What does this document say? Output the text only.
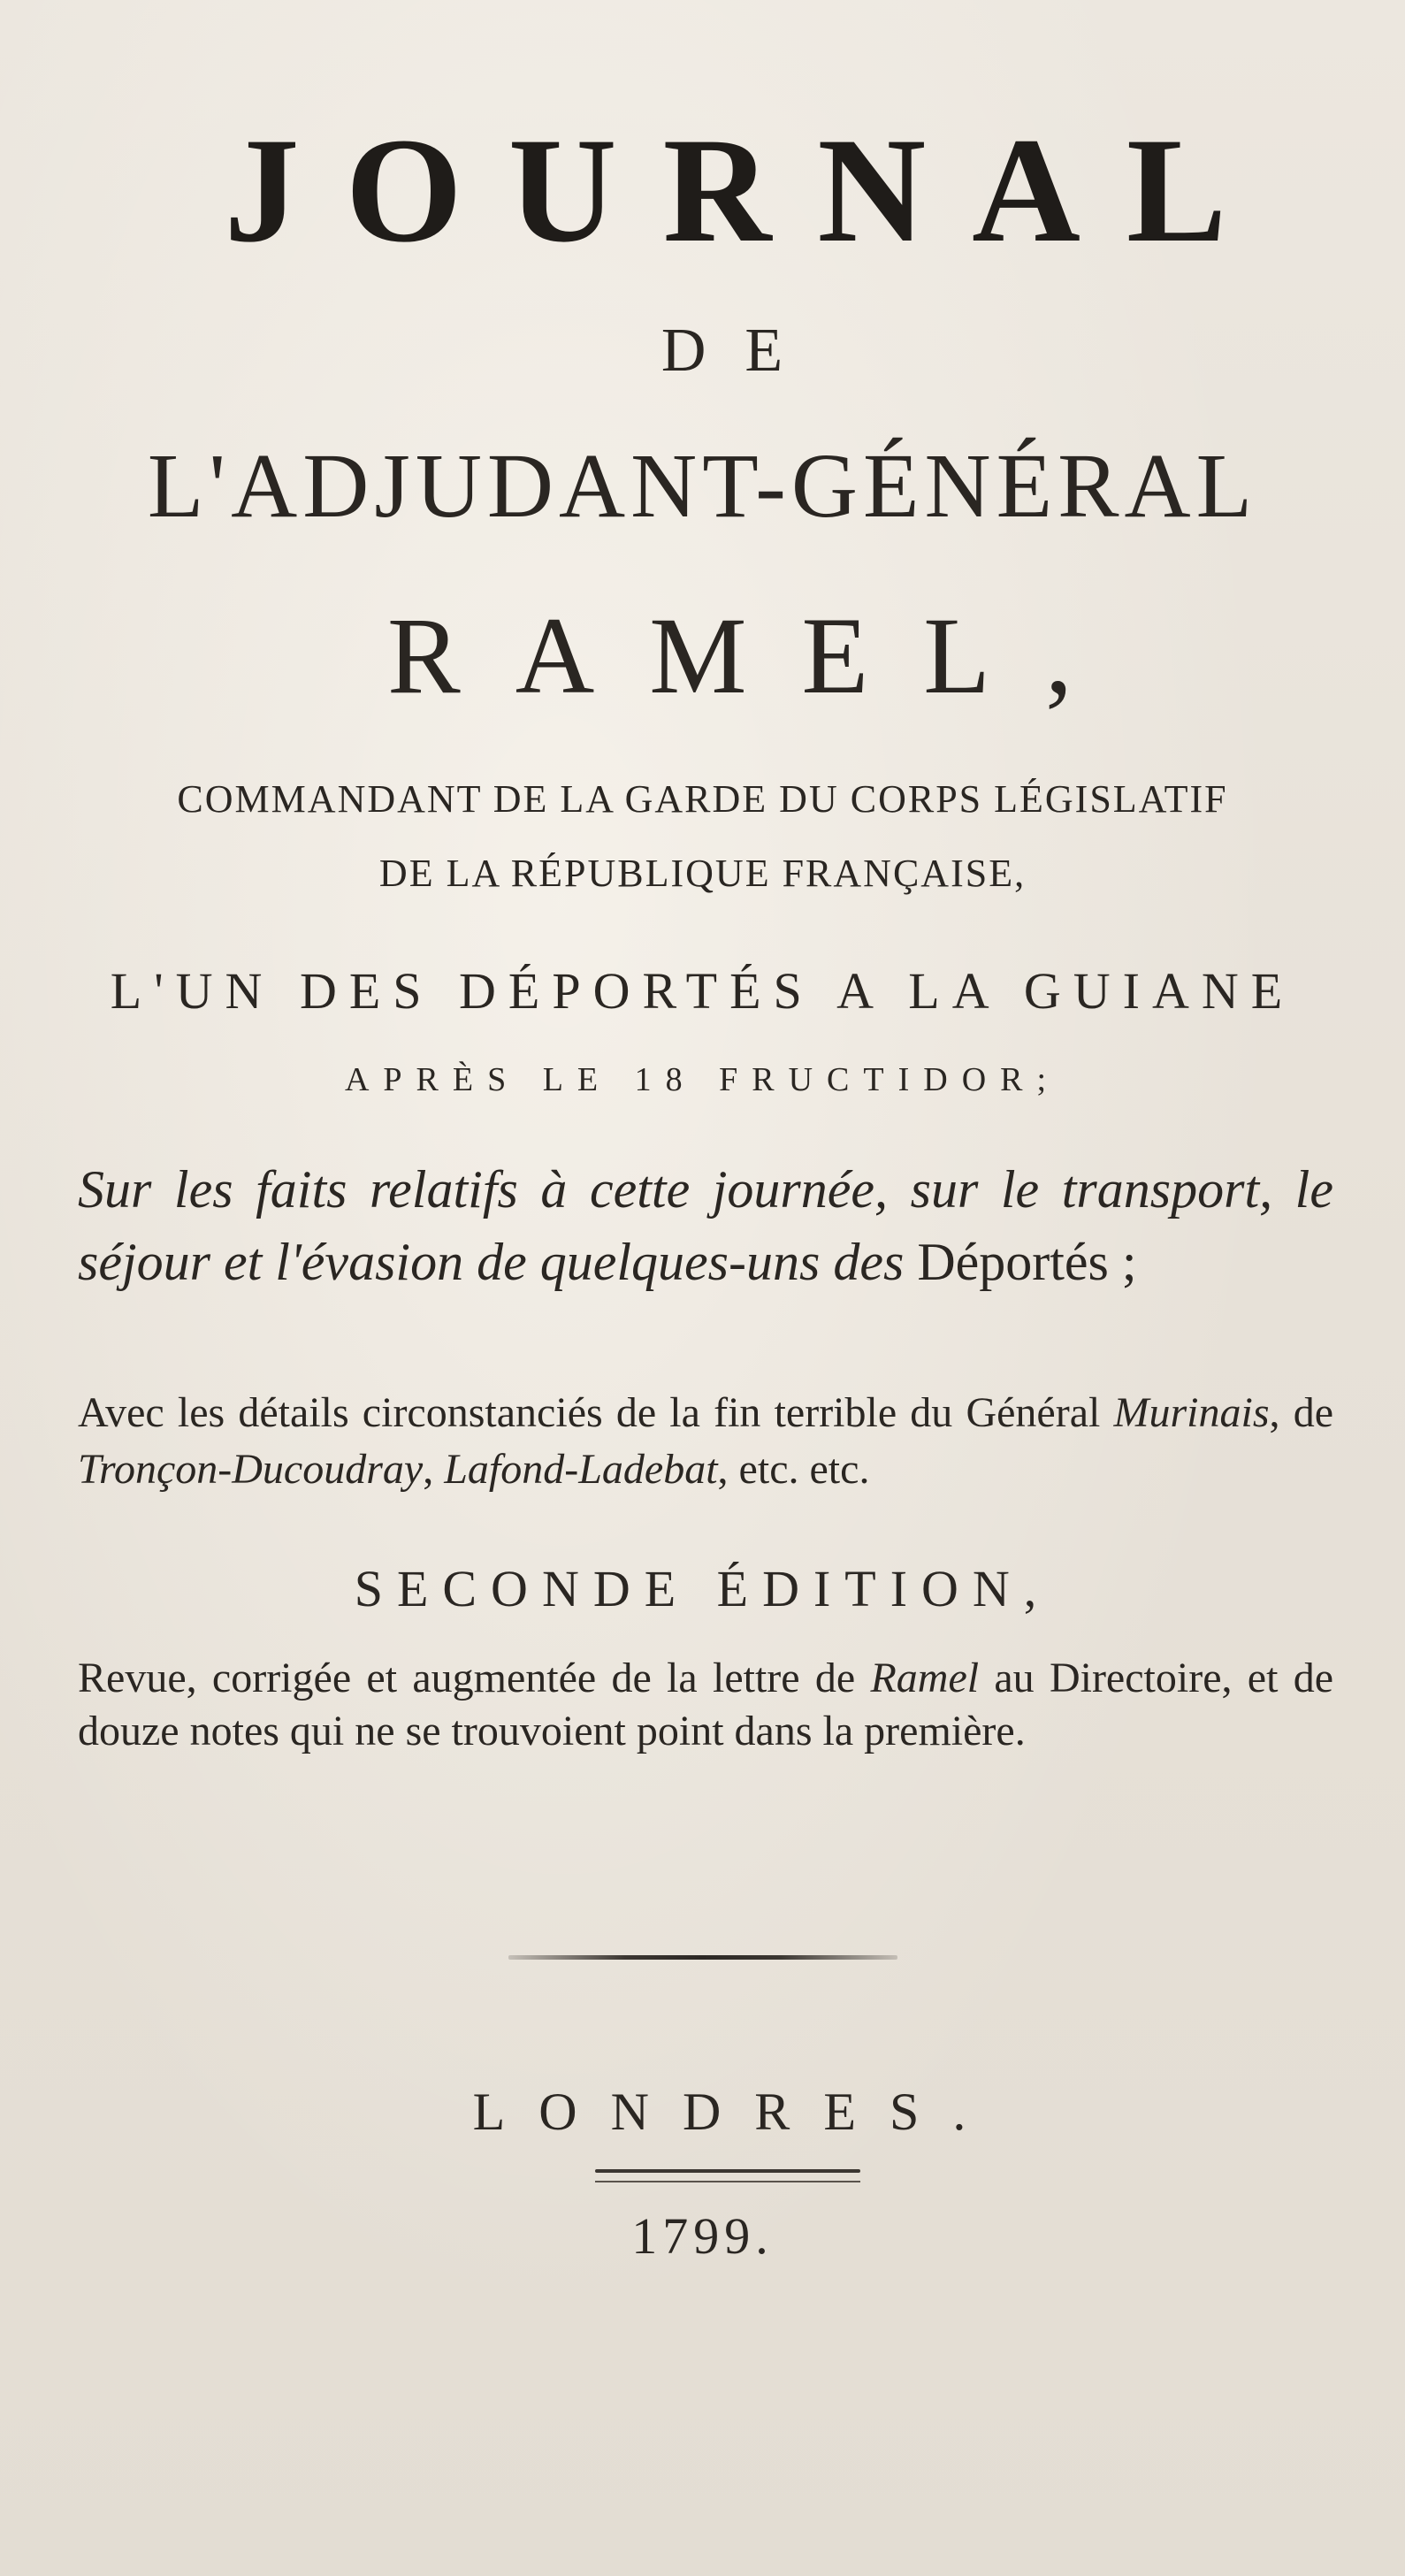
JOURNAL
DE
L'ADJUDANT-GÉNÉRAL
RAMEL,
COMMANDANT DE LA GARDE DU CORPS LÉGISLATIF
DE LA RÉPUBLIQUE FRANÇAISE,
L'UN DES DÉPORTÉS A LA GUIANE
APRÈS LE 18 FRUCTIDOR;
Sur les faits relatifs à cette journée, sur le transport, le séjour et l'évasion de quelques-uns des Déportés ;
Avec les détails circonstanciés de la fin terrible du Général Murinais, de Tronçon-Ducoudray, Lafond-Ladebat, etc. etc.
SECONDE ÉDITION,
Revue, corrigée et augmentée de la lettre de Ramel au Directoire, et de douze notes qui ne se trouvoient point dans la première.
LONDRES.
1799.
